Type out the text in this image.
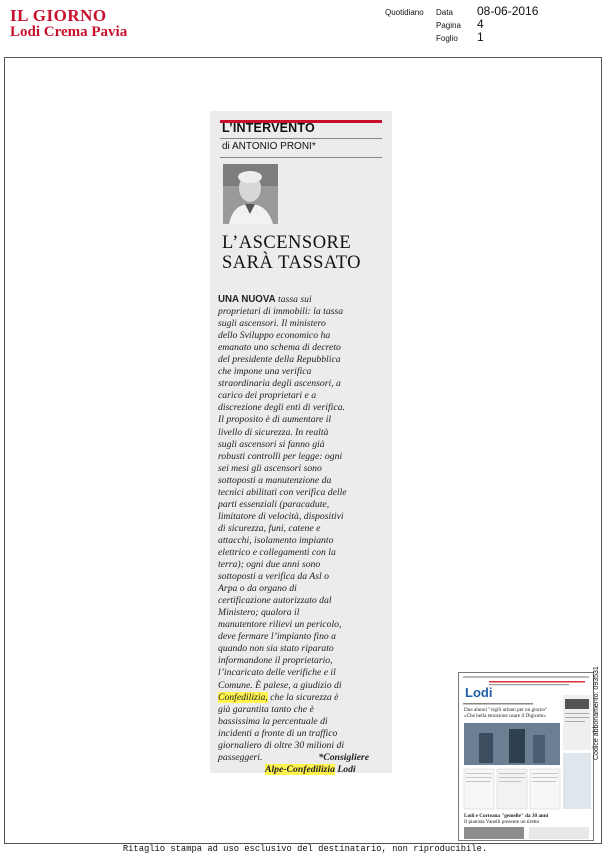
IL GIORNO
Lodi Crema Pavia
Quotidiano Data	08-06-2016
Pagina	4
Foglio	1
L’INTERVENTO
di ANTONIO PRONI*
L’ASCENSORE
SARÀ TASSATO
UNA NUOVA tassa sui
proprietari di immobili: la tassa
sugli ascensori. Il ministero
dello Sviluppo economico ha
emanato uno schema di decreto
del presidente della Repubblica
che impone una verifica
straordinaria degli ascensori, a
carico dei proprietari e a
discrezione degli enti di verifica.
Il proposito è di aumentare il
livello di sicurezza. In realtà
sugli ascensori si fanno già
robusti controlli per legge: ogni
sei mesi gli ascensori sono
sottoposti a manutenzione da
tecnici abilitati con verifica delle
parti essenziali (paracadute,
limitatore di velocità, dispositivi
di sicurezza, funi, catene e
attacchi, isolamento impianto
elettrico e collegamenti con la
terra); ogni due anni sono
sottoposti a verifica da Asl o
Arpa o da organo di
certificazione autorizzato dal
Ministero; qualora il
manutentore rilievi un pericolo,
deve fermare l’impianto fino a
quando non sia stato riparato
informandone il proprietario,
l’incaricato delle verifiche e il
Comune. È palese, a giudizio di
Confedilizia, che la sicurezza è
già garantita tanto che è
bassissima la percentuale di
incidenti a fronte di un traffico
giornaliero di oltre 30 milioni di
passeggeri.	*Consigliere
Alpe-Confedilizia Lodi
Lodi
Due alunni "vigili urbani per un giorno"
«Che bella emozione usare il Digicam»
Lodi e Corteana "gemelle" da 30 anni
Il pianista Vanelli presente un tiretto
Codice abbonamento: 093531
Ritaglio stampa ad uso esclusivo del destinatario, non riproducibile.
